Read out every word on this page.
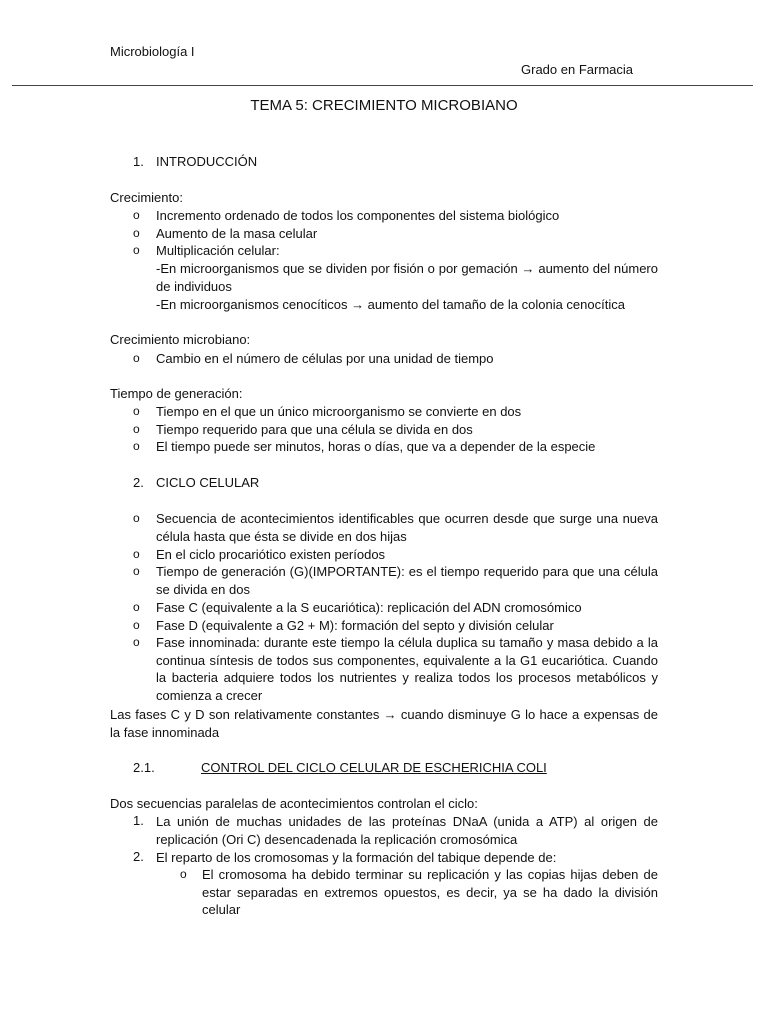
Microbiología I
Grado en Farmacia
TEMA 5: CRECIMIENTO MICROBIANO
1. INTRODUCCIÓN
Crecimiento:
o Incremento ordenado de todos los componentes del sistema biológico
o Aumento de la masa celular
o Multiplicación celular:
-En microorganismos que se dividen por fisión o por gemación → aumento del número de individuos
-En microorganismos cenocíticos → aumento del tamaño de la colonia cenocítica
Crecimiento microbiano:
o Cambio en el número de células por una unidad de tiempo
Tiempo de generación:
o Tiempo en el que un único microorganismo se convierte en dos
o Tiempo requerido para que una célula se divida en dos
o El tiempo puede ser minutos, horas o días, que va a depender de la especie
2. CICLO CELULAR
o Secuencia de acontecimientos identificables que ocurren desde que surge una nueva célula hasta que ésta se divide en dos hijas
o En el ciclo procariótico existen períodos
o Tiempo de generación (G)(IMPORTANTE): es el tiempo requerido para que una célula se divida en dos
o Fase C (equivalente a la S eucariótica): replicación del ADN cromosómico
o Fase D (equivalente a G2 + M): formación del septo y división celular
o Fase innominada: durante este tiempo la célula duplica su tamaño y masa debido a la continua síntesis de todos sus componentes, equivalente a la G1 eucariótica. Cuando la bacteria adquiere todos los nutrientes y realiza todos los procesos metabólicos y comienza a crecer
Las fases C y D son relativamente constantes → cuando disminuye G lo hace a expensas de la fase innominada
2.1.	CONTROL DEL CICLO CELULAR DE ESCHERICHIA COLI
Dos secuencias paralelas de acontecimientos controlan el ciclo:
1. La unión de muchas unidades de las proteínas DNaA (unida a ATP) al origen de replicación (Ori C) desencadenada la replicación cromosómica
2. El reparto de los cromosomas y la formación del tabique depende de:
o El cromosoma ha debido terminar su replicación y las copias hijas deben de estar separadas en extremos opuestos, es decir, ya se ha dado la división celular
